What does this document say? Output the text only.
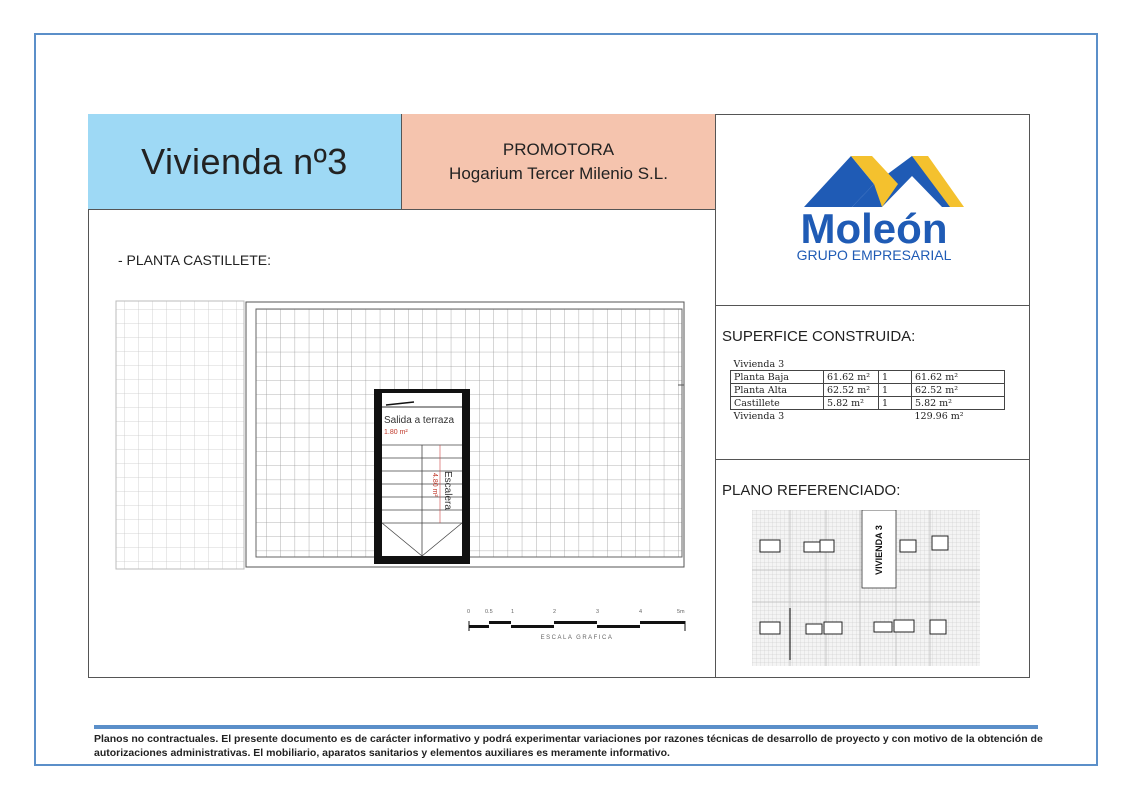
Vivienda nº3	PROMOTORA
Hogarium Tercer Milenio S.L.
Moleón
GRUPO EMPRESARIAL
- PLANTA CASTILLETE:
Salida a terraza
1.80 m²
Escalera
4.80 m²
0	0.5	1	2	3	4	5m
ESCALA GRAFICA
SUPERFICE CONSTRUIDA:
Vivienda 3			
Planta Baja	61.62 m²	1	61.62 m²
Planta Alta	62.52 m²	1	62.52 m²
Castillete	5.82 m²	1	5.82 m²
Vivienda 3			129.96 m²
PLANO REFERENCIADO:
VIVIENDA 3
Planos no contractuales. El presente documento es de carácter informativo y podrá experimentar variaciones por razones técnicas de desarrollo de proyecto y con motivo de la obtención de autorizaciones administrativas. El mobiliario, aparatos sanitarios y elementos auxiliares es meramente informativo.
